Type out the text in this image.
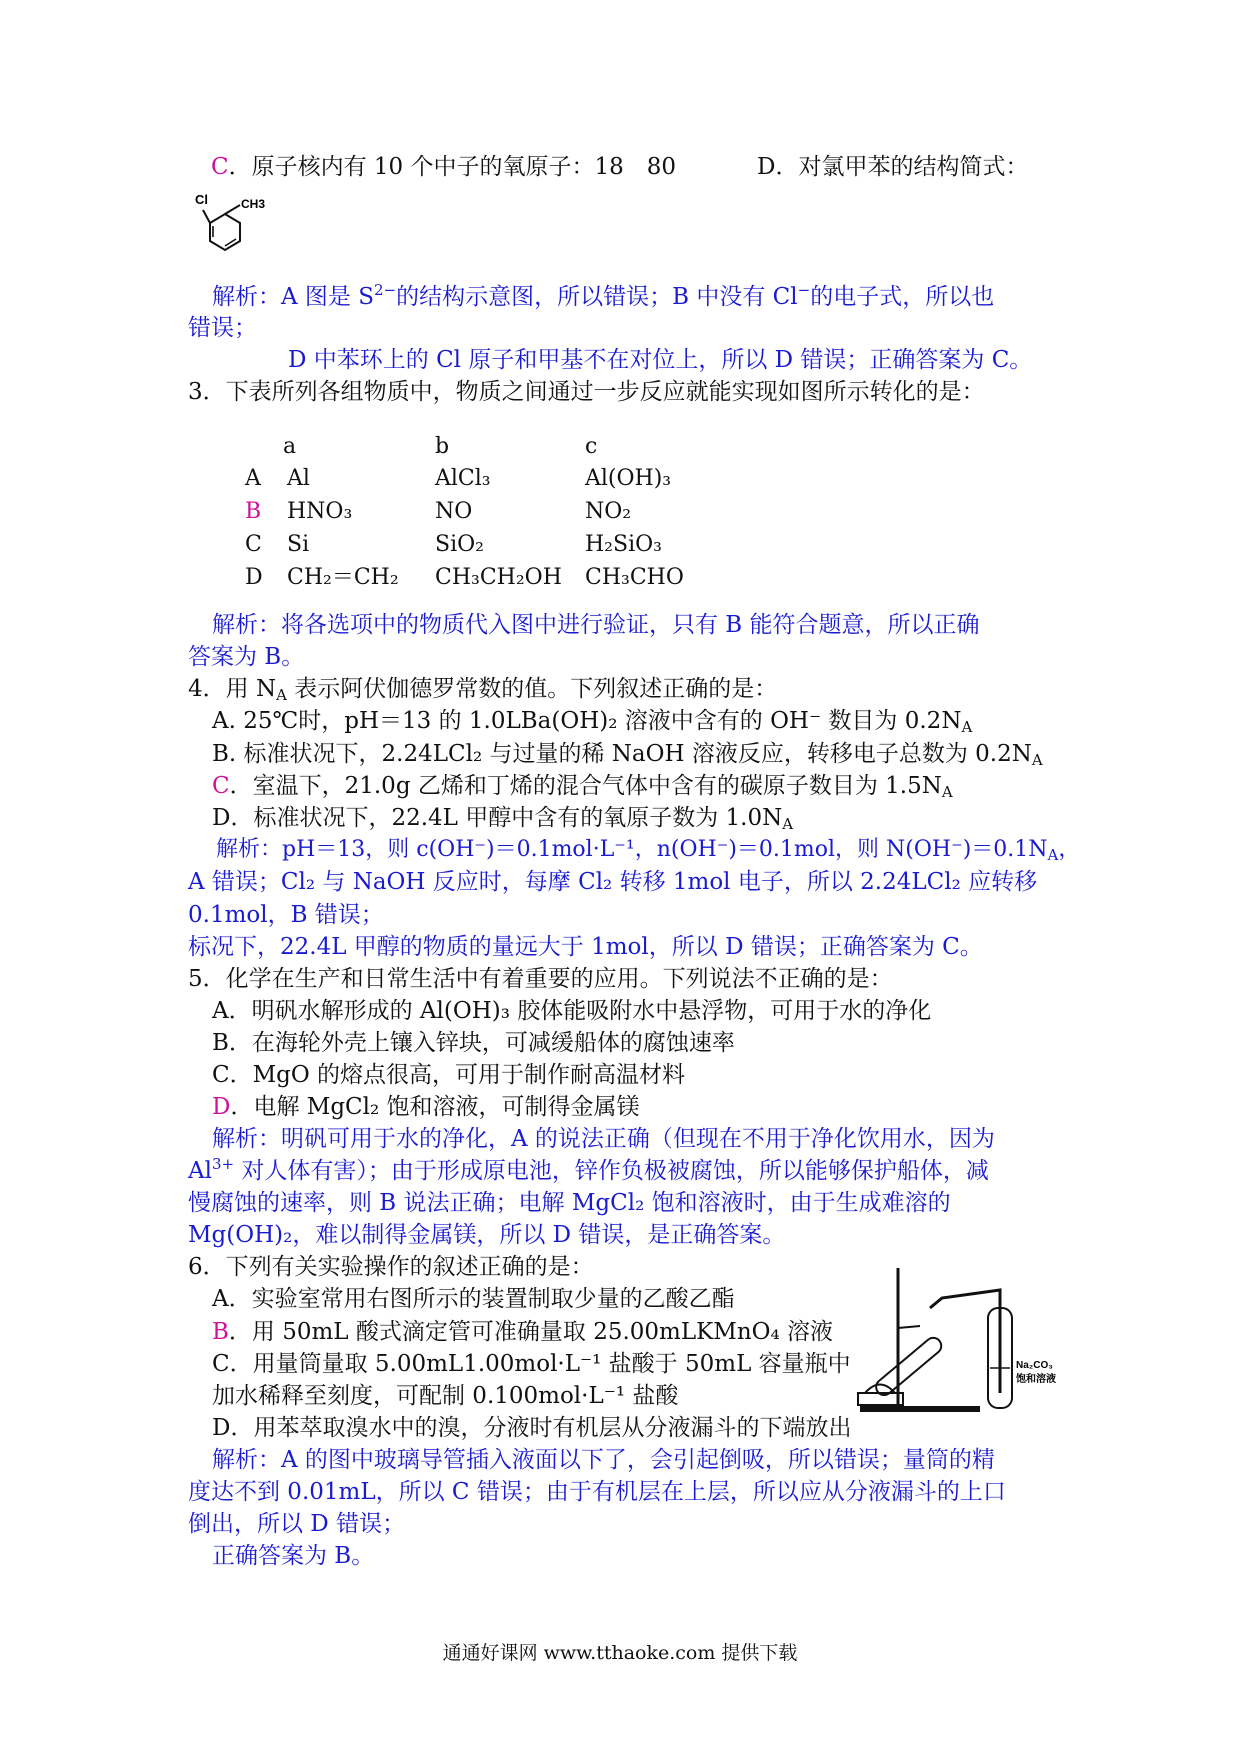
C．原子核内有 10 个中子的氧原子：18　80	D．对氯甲苯的结构简式：
Cl	CH3
解析：A 图是 $S^{2-}$的结构示意图，所以错误；B 中没有 Cl−的电子式，所以也
错误；
D 中苯环上的 Cl 原子和甲基不在对位上，所以 D 错误；正确答案为 C。
3．下表所列各组物质中，物质之间通过一步反应就能实现如图所示转化的是：
a	b	c
A Al	AlCl₃	Al(OH)₃
B HNO₃	NO	NO₂
C Si	SiO₂	H₂SiO₃
D CH₂＝CH₂ CH₃CH₂OH CH₃CHO
解析：将各选项中的物质代入图中进行验证，只有 B 能符合题意，所以正确
答案为 B。
4．用 $N_A$ 表示阿伏伽德罗常数的值。下列叙述正确的是：
A. 25℃时，pH＝13 的 1.0LBa(OH)₂ 溶液中含有的 OH⁻ 数目为 $0.2N_A$
B. 标准状况下，2.24LCl₂ 与过量的稀 NaOH 溶液反应，转移电子总数为 $0.2N_A$
C．室温下，21.0g 乙烯和丁烯的混合气体中含有的碳原子数目为 $1.5N_A$
D．标准状况下，22.4L 甲醇中含有的氧原子数为 $1.0N_A$
解析：pH＝13，则 c(OH⁻)＝0.1mol·L⁻¹，n(OH⁻)＝0.1mol，则 $N(OH^-)=0.1N_A$，
A 错误；Cl₂ 与 NaOH 反应时，每摩 Cl₂ 转移 1mol 电子，所以 2.24LCl₂ 应转移
0.1mol，B 错误；
标况下，22.4L 甲醇的物质的量远大于 1mol，所以 D 错误；正确答案为 C。
5．化学在生产和日常生活中有着重要的应用。下列说法不正确的是：
A．明矾水解形成的 Al(OH)₃ 胶体能吸附水中悬浮物，可用于水的净化
B．在海轮外壳上镶入锌块，可减缓船体的腐蚀速率
C．MgO 的熔点很高，可用于制作耐高温材料
D．电解 MgCl₂ 饱和溶液，可制得金属镁
解析：明矾可用于水的净化，A 的说法正确（但现在不用于净化饮用水，因为
$Al^{3+}$ 对人体有害）；由于形成原电池，锌作负极被腐蚀，所以能够保护船体，减
慢腐蚀的速率，则 B 说法正确；电解 MgCl₂ 饱和溶液时，由于生成难溶的
Mg(OH)₂，难以制得金属镁，所以 D 错误，是正确答案。
6．下列有关实验操作的叙述正确的是：
A．实验室常用右图所示的装置制取少量的乙酸乙酯
B．用 50mL 酸式滴定管可准确量取 25.00mLKMnO₄ 溶液
C．用量筒量取 5.00mL1.00mol·L⁻¹ 盐酸于 50mL 容量瓶中
加水稀释至刻度，可配制 0.100mol·L⁻¹ 盐酸
D．用苯萃取溴水中的溴，分液时有机层从分液漏斗的下端放出
Na₂CO₃
饱和溶液
解析：A 的图中玻璃导管插入液面以下了，会引起倒吸，所以错误；量筒的精
度达不到 0.01mL，所以 C 错误；由于有机层在上层，所以应从分液漏斗的上口
倒出，所以 D 错误；
正确答案为 B。
通通好课网 www.tthaoke.com 提供下载
